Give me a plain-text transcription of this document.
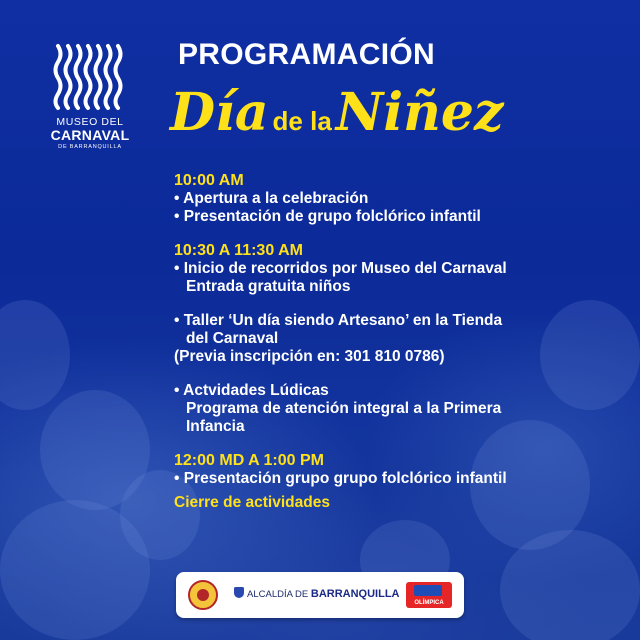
MUSEO DEL
CARNAVAL
DE BARRANQUILLA
PROGRAMACIÓN
Día de laNiñez
10:00 AM
• Apertura a la celebración
• Presentación de grupo folclórico infantil
10:30 A 11:30 AM
• Inicio de recorridos por Museo del Carnaval
Entrada gratuita niños
• Taller ‘Un día siendo Artesano’ en la Tienda
del Carnaval
(Previa inscripción en: 301 810 0786)
• Actvidades Lúdicas
Programa de atención integral a la Primera
Infancia
12:00 MD A 1:00 PM
• Presentación grupo grupo folclórico infantil
Cierre de actividades
ALCALDÍA DE BARRANQUILLA
OLÍMPICA
